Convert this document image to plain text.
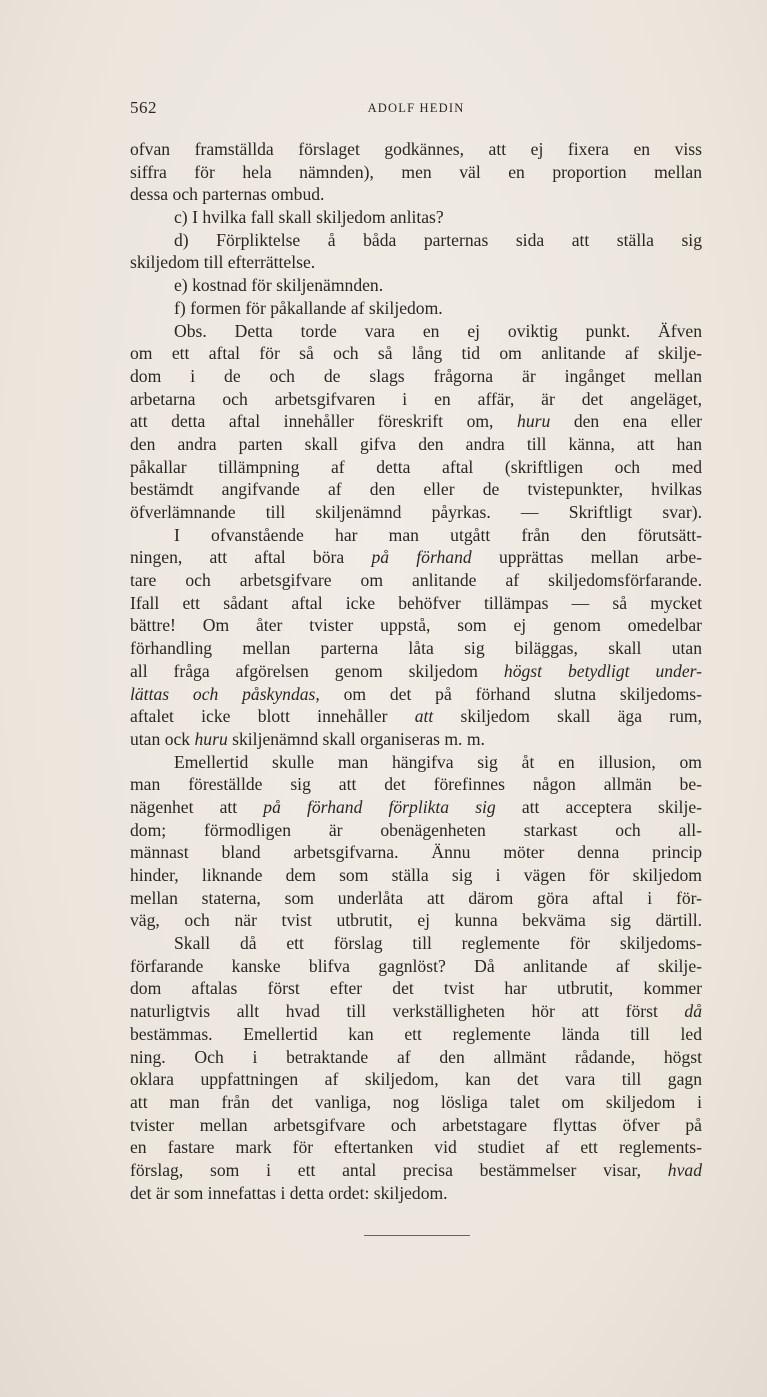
562	ADOLF HEDIN
ofvan framställda förslaget godkännes, att ej fixera en viss
siffra för hela nämnden), men väl en proportion mellan
dessa och parternas ombud.
c) I hvilka fall skall skiljedom anlitas?
d) Förpliktelse å båda parternas sida att ställa sig
skiljedom till efterrättelse.
e) kostnad för skiljenämnden.
f) formen för påkallande af skiljedom.
Obs. Detta torde vara en ej oviktig punkt. Äfven
om ett aftal för så och så lång tid om anlitande af skilje-
dom i de och de slags frågorna är ingånget mellan
arbetarna och arbetsgifvaren i en affär, är det angeläget,
att detta aftal innehåller föreskrift om, huru den ena eller
den andra parten skall gifva den andra till känna, att han
påkallar tillämpning af detta aftal (skriftligen och med
bestämdt angifvande af den eller de tvistepunkter, hvilkas
öfverlämnande till skiljenämnd påyrkas. — Skriftligt svar).
I ofvanstående har man utgått från den förutsätt-
ningen, att aftal böra på förhand upprättas mellan arbe-
tare och arbetsgifvare om anlitande af skiljedomsförfarande.
Ifall ett sådant aftal icke behöfver tillämpas — så mycket
bättre! Om åter tvister uppstå, som ej genom omedelbar
förhandling mellan parterna låta sig biläggas, skall utan
all fråga afgörelsen genom skiljedom högst betydligt under-
lättas och påskyndas, om det på förhand slutna skiljedoms-
aftalet icke blott innehåller att skiljedom skall äga rum,
utan ock huru skiljenämnd skall organiseras m. m.
Emellertid skulle man hängifva sig åt en illusion, om
man föreställde sig att det förefinnes någon allmän be-
nägenhet att på förhand förplikta sig att acceptera skilje-
dom; förmodligen är obenägenheten starkast och all-
männast bland arbetsgifvarna. Ännu möter denna princip
hinder, liknande dem som ställa sig i vägen för skiljedom
mellan staterna, som underlåta att därom göra aftal i för-
väg, och när tvist utbrutit, ej kunna bekväma sig därtill.
Skall då ett förslag till reglemente för skiljedoms-
förfarande kanske blifva gagnlöst? Då anlitande af skilje-
dom aftalas först efter det tvist har utbrutit, kommer
naturligtvis allt hvad till verkställigheten hör att först då
bestämmas. Emellertid kan ett reglemente lända till led
ning. Och i betraktande af den allmänt rådande, högst
oklara uppfattningen af skiljedom, kan det vara till gagn
att man från det vanliga, nog lösliga talet om skiljedom i
tvister mellan arbetsgifvare och arbetstagare flyttas öfver på
en fastare mark för eftertanken vid studiet af ett reglements-
förslag, som i ett antal precisa bestämmelser visar, hvad
det är som innefattas i detta ordet: skiljedom.
